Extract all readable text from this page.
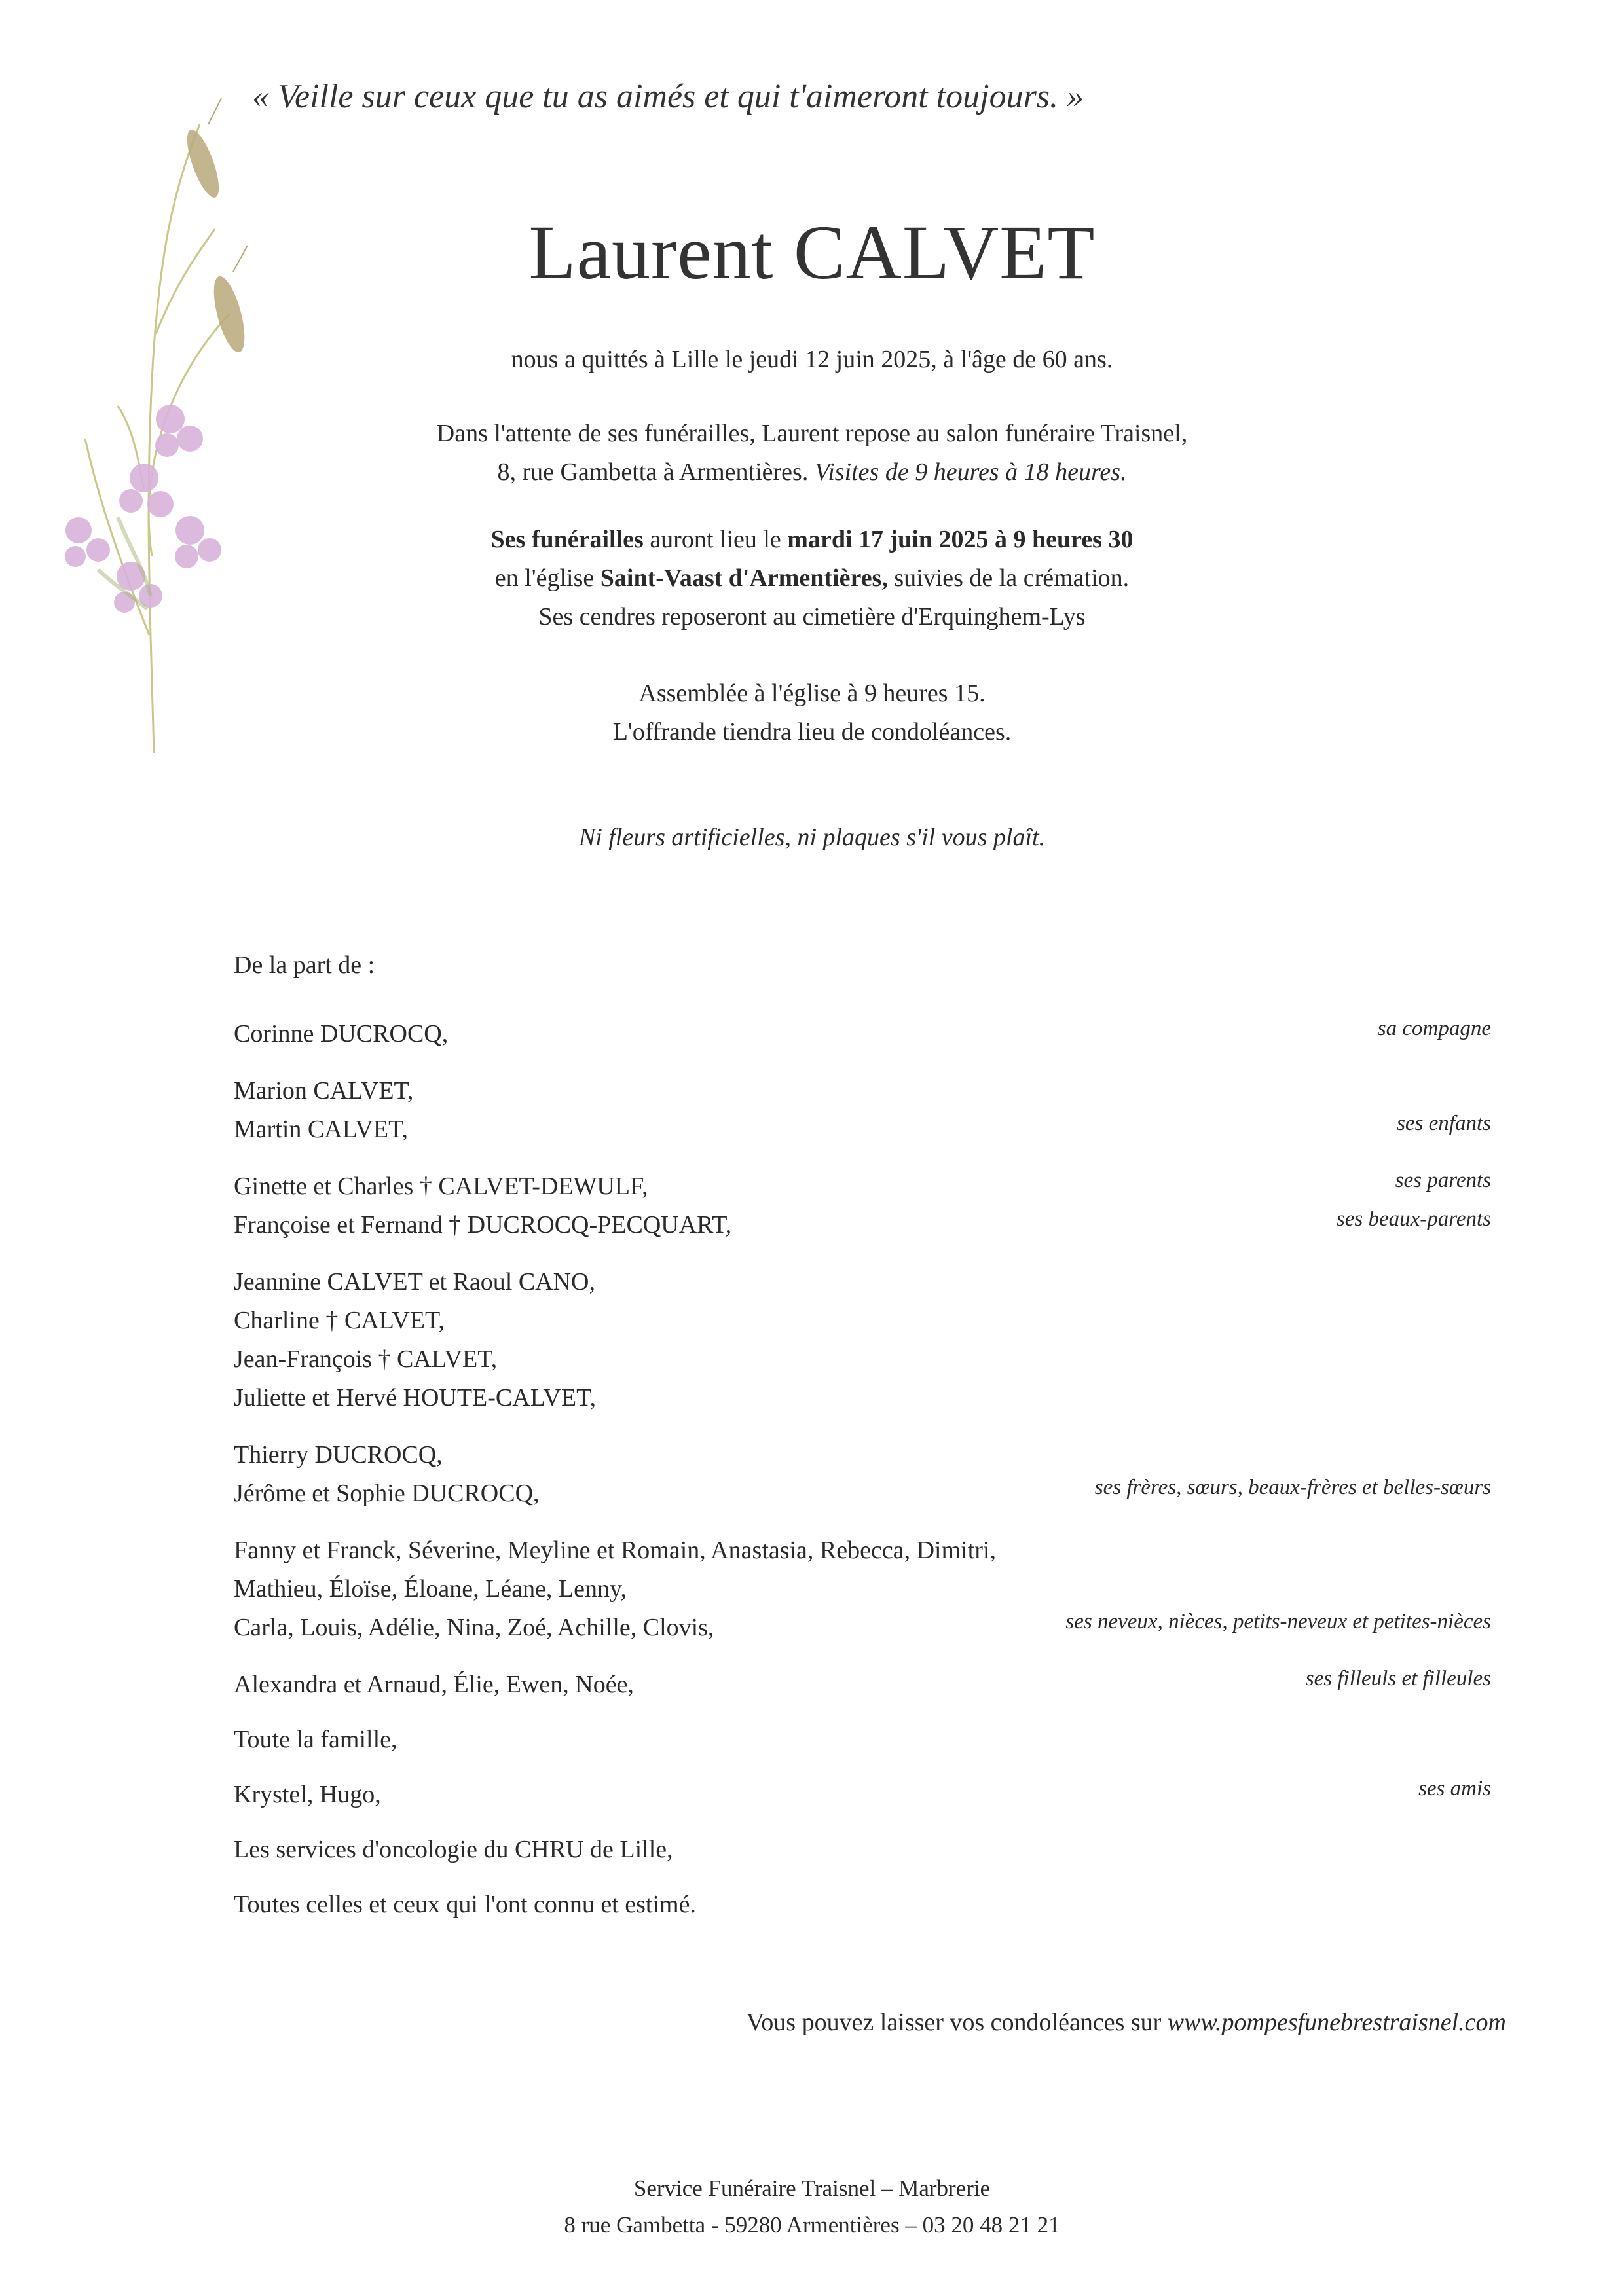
« Veille sur ceux que tu as aimés et qui t'aimeront toujours. »
Laurent CALVET
nous a quittés à Lille le jeudi 12 juin 2025, à l'âge de 60 ans.
Dans l'attente de ses funérailles, Laurent repose au salon funéraire Traisnel,
8, rue Gambetta à Armentières. Visites de 9 heures à 18 heures.
Ses funérailles auront lieu le mardi 17 juin 2025 à 9 heures 30
en l'église Saint-Vaast d'Armentières, suivies de la crémation.
Ses cendres reposeront au cimetière d'Erquinghem-Lys
Assemblée à l'église à 9 heures 15.
L'offrande tiendra lieu de condoléances.
Ni fleurs artificielles, ni plaques s'il vous plaît.
De la part de :
Corinne DUCROCQ,
Marion CALVET,
Martin CALVET,
Ginette et Charles † CALVET-DEWULF,
Françoise et Fernand † DUCROCQ-PECQUART,
Jeannine CALVET et Raoul CANO,
Charline † CALVET,
Jean-François † CALVET,
Juliette et Hervé HOUTE-CALVET,
Thierry DUCROCQ,
Jérôme et Sophie DUCROCQ,
Fanny et Franck, Séverine, Meyline et Romain, Anastasia, Rebecca, Dimitri,
Mathieu, Éloïse, Éloane, Léane, Lenny,
Carla, Louis, Adélie, Nina, Zoé, Achille, Clovis,
Alexandra et Arnaud, Élie, Ewen, Noée,
Toute la famille,
Krystel, Hugo,
Les services d'oncologie du CHRU de Lille,
Toutes celles et ceux qui l'ont connu et estimé.
sa compagne
ses enfants
ses parents
ses beaux-parents
ses frères, sœurs, beaux-frères et belles-sœurs
ses neveux, nièces, petits-neveux et petites-nièces
ses filleuls et filleules
ses amis
Vous pouvez laisser vos condoléances sur www.pompesfunebrestraisnel.com
Service Funéraire Traisnel – Marbrerie
8 rue Gambetta - 59280 Armentières – 03 20 48 21 21
